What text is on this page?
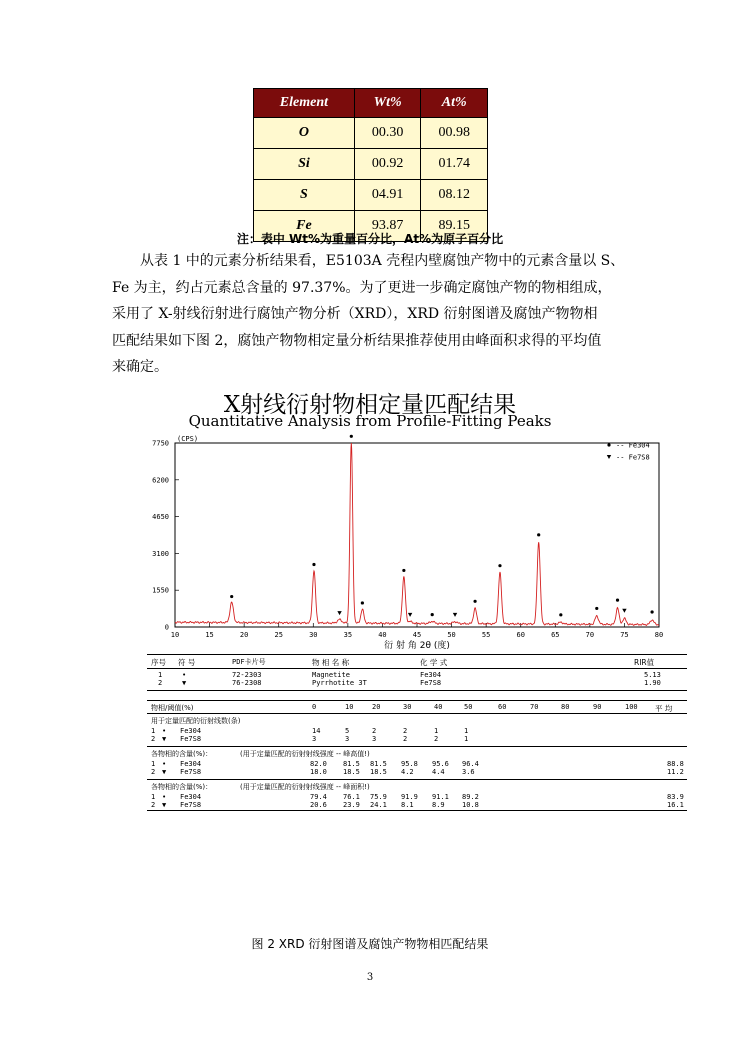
Element	Wt%	At%
O	00.30	00.98
Si	00.92	01.74
S	04.91	08.12
Fe	93.87	89.15
注：表中 Wt%为重量百分比，At%为原子百分比

从表 1 中的元素分析结果看，E5103A 壳程内壁腐蚀产物中的元素含量以 S、

Fe 为主，约占元素总含量的 97.37%。为了更进一步确定腐蚀产物的物相组成，

采用了 X-射线衍射进行腐蚀产物分析（XRD），XRD 衍射图谱及腐蚀产物物相

匹配结果如下图 2，腐蚀产物物相定量分析结果推荐使用由峰面积求得的平均值

来确定。

X射线衍射物相定量匹配结果
Quantitative Analysis from Profile-Fitting Peaks
0
1550
3100
4650
6200
7750
10	15	20	25	30	35	40	45	50	55	60	65	70	75	80
(CPS)
衍 射 角 2θ (度)
-- Fe304
-- Fe7S8
序号 符 号	PDF卡片号	物 相 名 称	化 学 式	RIR值
1	•	72-2303	Magnetite	Fe304	5.13
2	▼	76-2308	Pyrrhotite 3T	Fe7S8	1.90
物相/阈值(%)	0	10	20	30	40	50	60	70	80	90	100 平 均
用于定量匹配的衍射线数(条)
1 • Fe304	14	5	2	2	1	1
2 ▼ Fe7S8	3	3	3	2	2	1
各物相的含量(%)：	(用于定量匹配的衍射射线强度 -- 峰高值!)
1 • Fe304	82.0 81.5 81.5 95.8 95.6 96.4	88.8
2 ▼ Fe7S8	18.0 18.5 18.5 4.2	4.4 3.6	11.2
各物相的含量(%)：	(用于定量匹配的衍射射线强度 -- 峰面积!)
1 • Fe304	79.4 76.1 75.9 91.9 91.1 89.2	83.9
2 ▼ Fe7S8	20.6 23.9 24.1 8.1	8.9 10.8	16.1
图 2 XRD 衍射图谱及腐蚀产物物相匹配结果
3
